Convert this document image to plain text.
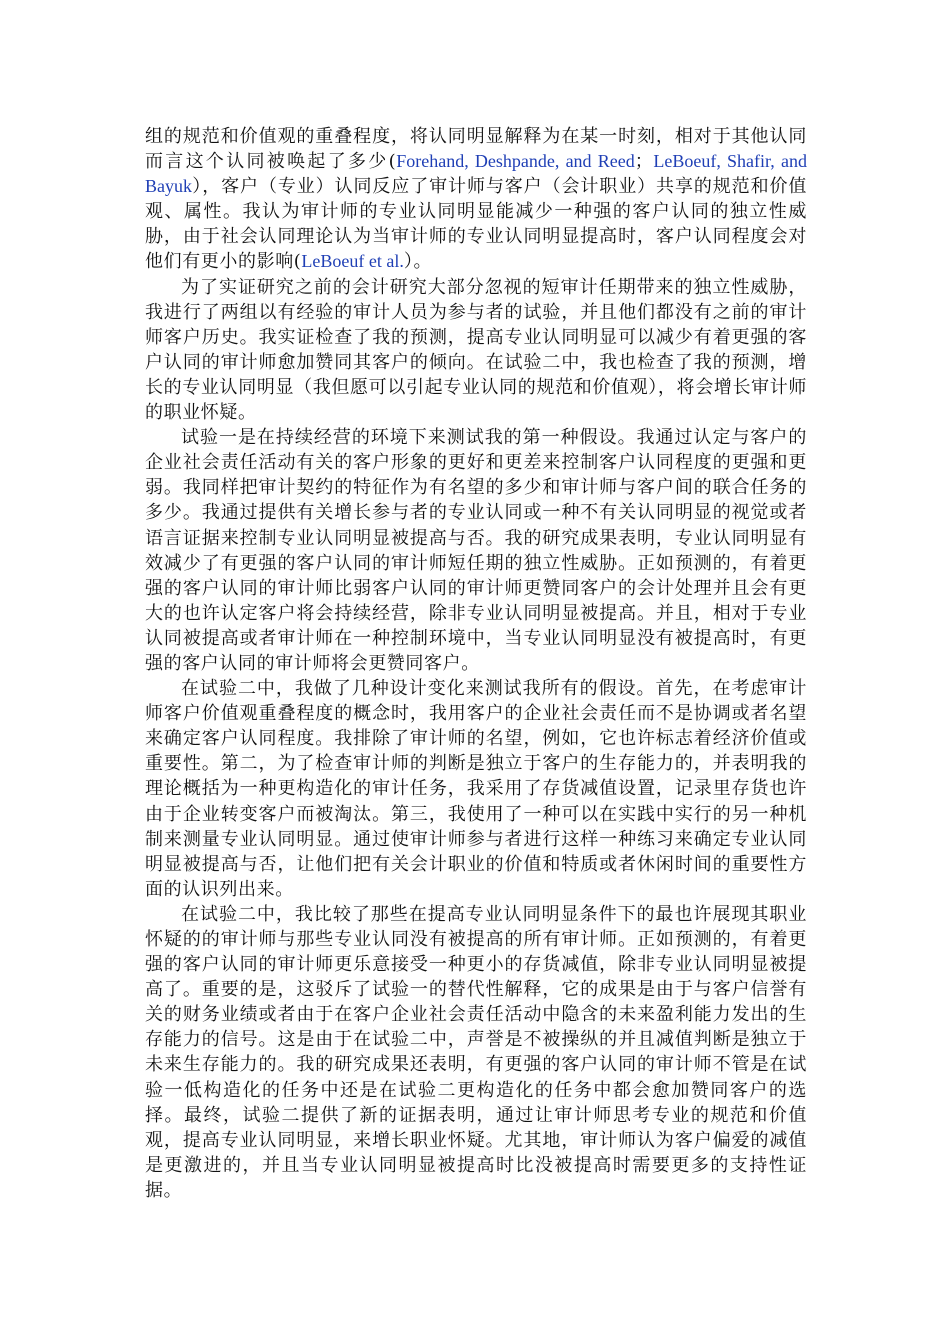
组的规范和价值观的重叠程度，将认同明显解释为在某一时刻，相对于其他认同而言这个认同被唤起了多少(Forehand, Deshpande, and Reed；LeBoeuf, Shafir, and Bayuk），客户（专业）认同反应了审计师与客户（会计职业）共享的规范和价值观、属性。我认为审计师的专业认同明显能减少一种强的客户认同的独立性威胁，由于社会认同理论认为当审计师的专业认同明显提高时，客户认同程度会对他们有更小的影响(LeBoeuf et al.）。

为了实证研究之前的会计研究大部分忽视的短审计任期带来的独立性威胁，我进行了两组以有经验的审计人员为参与者的试验，并且他们都没有之前的审计师客户历史。我实证检查了我的预测，提高专业认同明显可以减少有着更强的客户认同的审计师愈加赞同其客户的倾向。在试验二中，我也检查了我的预测，增长的专业认同明显（我但愿可以引起专业认同的规范和价值观），将会增长审计师的职业怀疑。

试验一是在持续经营的环境下来测试我的第一种假设。我通过认定与客户的企业社会责任活动有关的客户形象的更好和更差来控制客户认同程度的更强和更弱。我同样把审计契约的特征作为有名望的多少和审计师与客户间的联合任务的多少。我通过提供有关增长参与者的专业认同或一种不有关认同明显的视觉或者语言证据来控制专业认同明显被提高与否。我的研究成果表明，专业认同明显有效减少了有更强的客户认同的审计师短任期的独立性威胁。正如预测的，有着更强的客户认同的审计师比弱客户认同的审计师更赞同客户的会计处理并且会有更大的也许认定客户将会持续经营，除非专业认同明显被提高。并且，相对于专业认同被提高或者审计师在一种控制环境中，当专业认同明显没有被提高时，有更强的客户认同的审计师将会更赞同客户。

在试验二中，我做了几种设计变化来测试我所有的假设。首先，在考虑审计师客户价值观重叠程度的概念时，我用客户的企业社会责任而不是协调或者名望来确定客户认同程度。我排除了审计师的名望，例如，它也许标志着经济价值或重要性。第二，为了检查审计师的判断是独立于客户的生存能力的，并表明我的理论概括为一种更构造化的审计任务，我采用了存货减值设置，记录里存货也许由于企业转变客户而被淘汰。第三，我使用了一种可以在实践中实行的另一种机制来测量专业认同明显。通过使审计师参与者进行这样一种练习来确定专业认同明显被提高与否，让他们把有关会计职业的价值和特质或者休闲时间的重要性方面的认识列出来。

在试验二中，我比较了那些在提高专业认同明显条件下的最也许展现其职业怀疑的的审计师与那些专业认同没有被提高的所有审计师。正如预测的，有着更强的客户认同的审计师更乐意接受一种更小的存货减值，除非专业认同明显被提高了。重要的是，这驳斥了试验一的替代性解释，它的成果是由于与客户信誉有关的财务业绩或者由于在客户企业社会责任活动中隐含的未来盈利能力发出的生存能力的信号。这是由于在试验二中，声誉是不被操纵的并且减值判断是独立于未来生存能力的。我的研究成果还表明，有更强的客户认同的审计师不管是在试验一低构造化的任务中还是在试验二更构造化的任务中都会愈加赞同客户的选择。最终，试验二提供了新的证据表明，通过让审计师思考专业的规范和价值观，提高专业认同明显，来增长职业怀疑。尤其地，审计师认为客户偏爱的减值是更激进的，并且当专业认同明显被提高时比没被提高时需要更多的支持性证据。
